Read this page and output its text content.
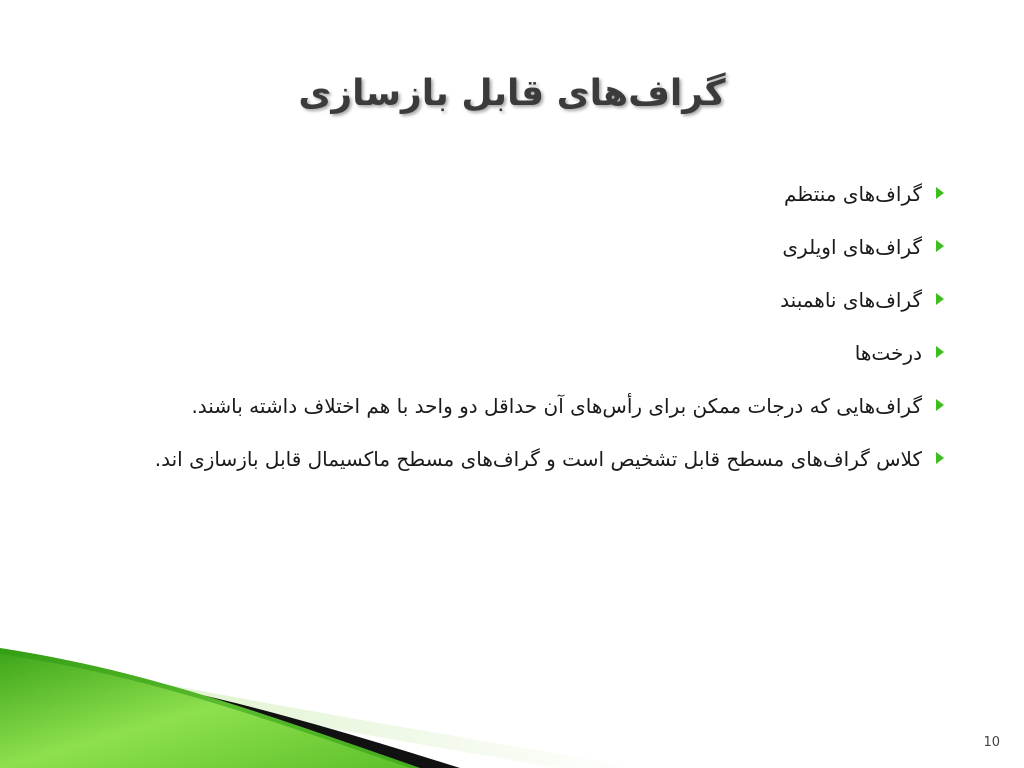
گراف‌های قابل بازسازی
گراف‌های منتظم
گراف‌های اویلری
گراف‌های ناهمبند
درخت‌ها
گراف‌هایی که درجات ممکن برای رأس‌های آن حداقل دو واحد با هم اختلاف داشته باشند.
کلاس گراف‌های مسطح قابل تشخیص است و گراف‌های مسطح ماکسیمال قابل بازسازی اند.
10
